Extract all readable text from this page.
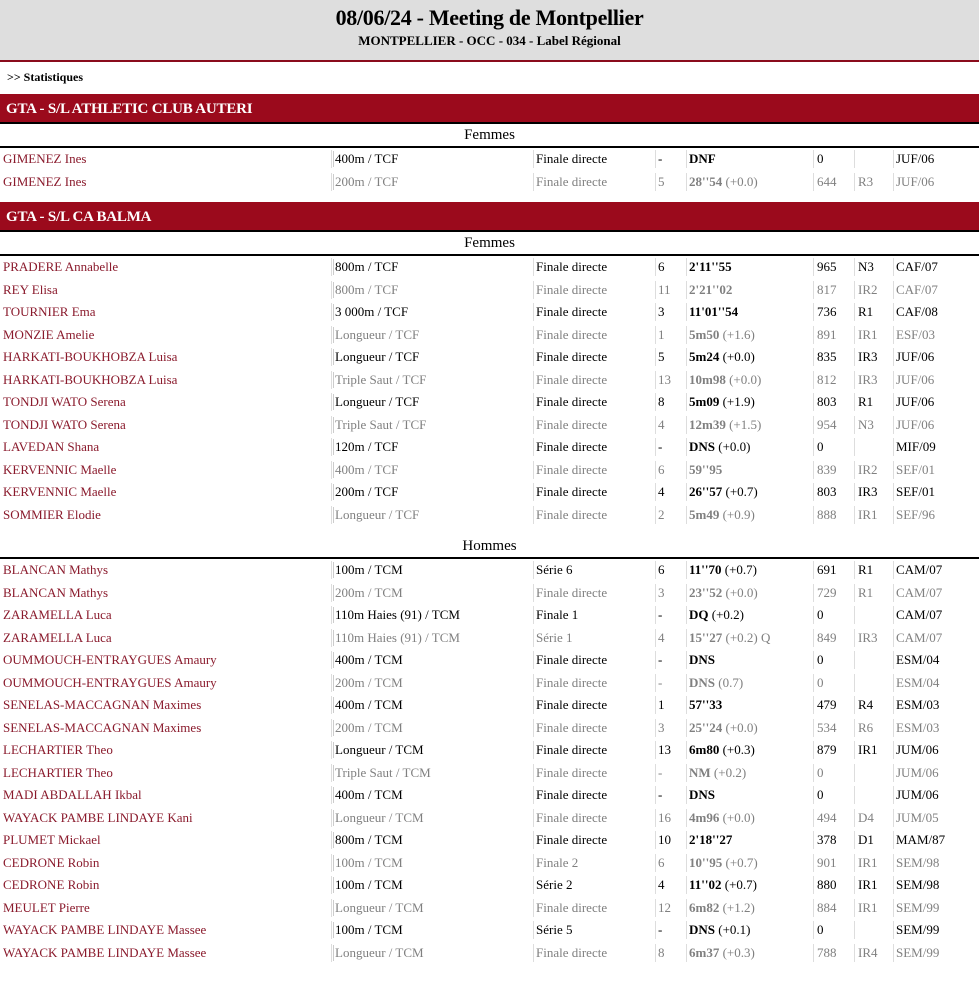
08/06/24 - Meeting de Montpellier
MONTPELLIER - OCC - 034 - Label Régional
>> Statistiques
GTA - S/L ATHLETIC CLUB AUTERI
Femmes
GIMENEZ Ines	400m / TCF	Finale directe	- DNF	0	JUF/06
GIMENEZ Ines	200m / TCF	Finale directe	5 28''54 (+0.0)	644 R3 JUF/06
GTA - S/L CA BALMA
Femmes
PRADERE Annabelle	800m / TCF	Finale directe	6 2'11''55	965 N3 CAF/07
REY Elisa	800m / TCF	Finale directe	11 2'21''02	817 IR2 CAF/07
TOURNIER Ema	3 000m / TCF	Finale directe	3 11'01''54	736 R1 CAF/08
MONZIE Amelie	Longueur / TCF	Finale directe	1 5m50 (+1.6)	891 IR1 ESF/03
HARKATI-BOUKHOBZA Luisa	Longueur / TCF	Finale directe	5 5m24 (+0.0)	835 IR3 JUF/06
HARKATI-BOUKHOBZA Luisa	Triple Saut / TCF	Finale directe	13 10m98 (+0.0)	812 IR3 JUF/06
TONDJI WATO Serena	Longueur / TCF	Finale directe	8 5m09 (+1.9)	803 R1 JUF/06
TONDJI WATO Serena	Triple Saut / TCF	Finale directe	4 12m39 (+1.5)	954 N3 JUF/06
LAVEDAN Shana	120m / TCF	Finale directe	- DNS (+0.0)	0	MIF/09
KERVENNIC Maelle	400m / TCF	Finale directe	6 59''95	839 IR2 SEF/01
KERVENNIC Maelle	200m / TCF	Finale directe	4 26''57 (+0.7)	803 IR3 SEF/01
SOMMIER Elodie	Longueur / TCF	Finale directe	2 5m49 (+0.9)	888 IR1 SEF/96
Hommes
BLANCAN Mathys	100m / TCM	Série 6	6 11''70 (+0.7)	691 R1 CAM/07
BLANCAN Mathys	200m / TCM	Finale directe	3 23''52 (+0.0)	729 R1 CAM/07
ZARAMELLA Luca	110m Haies (91) / TCM	Finale 1	- DQ (+0.2)	0	CAM/07
ZARAMELLA Luca	110m Haies (91) / TCM	Série 1	4 15''27 (+0.2) Q	849 IR3 CAM/07
OUMMOUCH-ENTRAYGUES Amaury	400m / TCM	Finale directe	- DNS	0	ESM/04
OUMMOUCH-ENTRAYGUES Amaury	200m / TCM	Finale directe	- DNS (0.7)	0	ESM/04
SENELAS-MACCAGNAN Maximes	400m / TCM	Finale directe	1 57''33	479 R4 ESM/03
SENELAS-MACCAGNAN Maximes	200m / TCM	Finale directe	3 25''24 (+0.0)	534 R6 ESM/03
LECHARTIER Theo	Longueur / TCM	Finale directe	13 6m80 (+0.3)	879 IR1 JUM/06
LECHARTIER Theo	Triple Saut / TCM	Finale directe	- NM (+0.2)	0	JUM/06
MADI ABDALLAH Ikbal	400m / TCM	Finale directe	- DNS	0	JUM/06
WAYACK PAMBE LINDAYE Kani	Longueur / TCM	Finale directe	16 4m96 (+0.0)	494 D4 JUM/05
PLUMET Mickael	800m / TCM	Finale directe	10 2'18''27	378 D1 MAM/87
CEDRONE Robin	100m / TCM	Finale 2	6 10''95 (+0.7)	901 IR1 SEM/98
CEDRONE Robin	100m / TCM	Série 2	4 11''02 (+0.7)	880 IR1 SEM/98
MEULET Pierre	Longueur / TCM	Finale directe	12 6m82 (+1.2)	884 IR1 SEM/99
WAYACK PAMBE LINDAYE Massee	100m / TCM	Série 5	- DNS (+0.1)	0	SEM/99
WAYACK PAMBE LINDAYE Massee	Longueur / TCM	Finale directe	8 6m37 (+0.3)	788 IR4 SEM/99
